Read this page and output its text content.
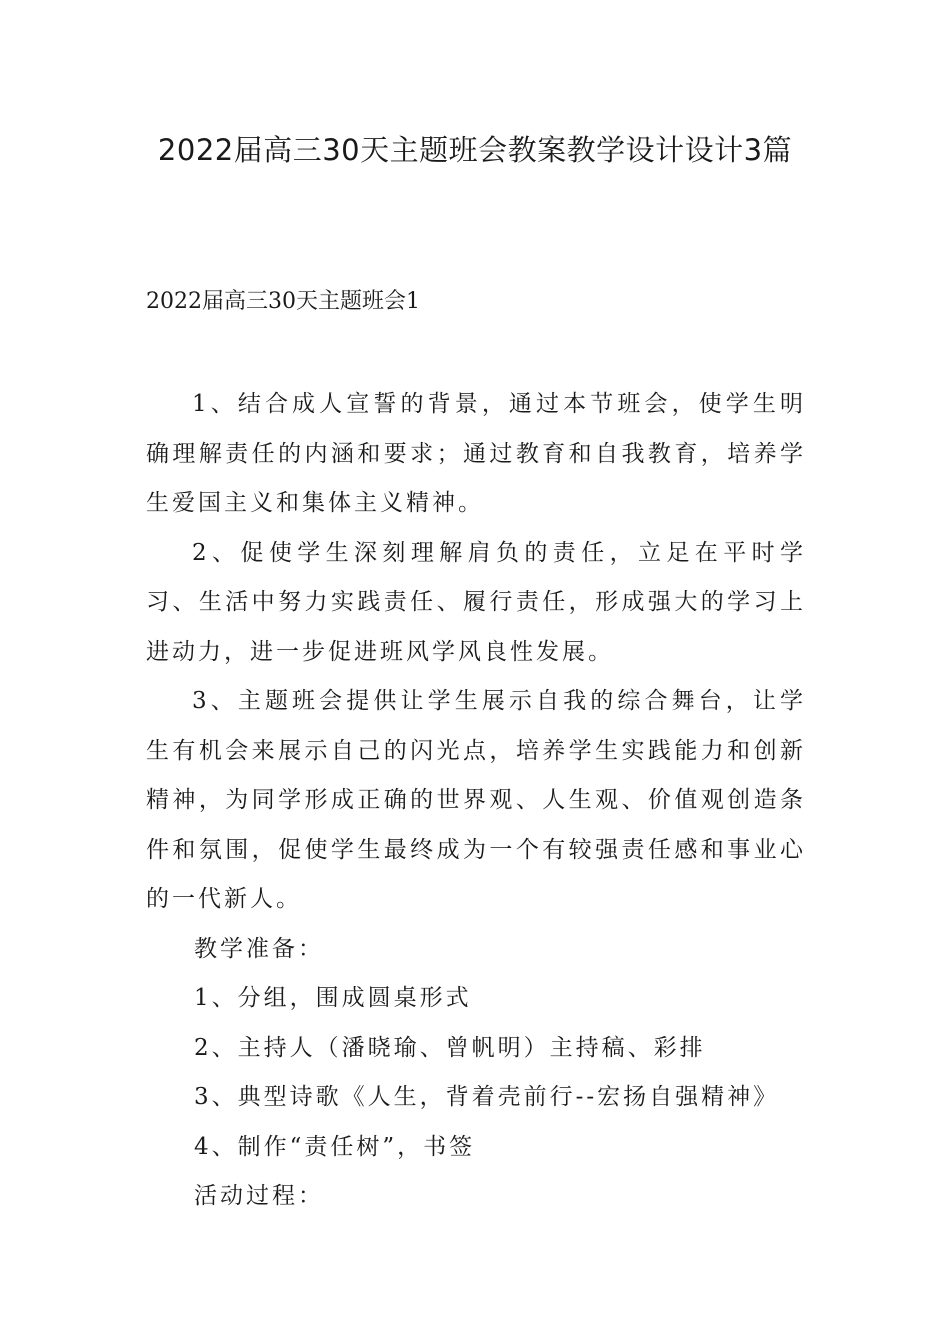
2022届高三30天主题班会教案教学设计设计3篇
2022届高三30天主题班会1

1、结合成人宣誓的背景，通过本节班会，使学生明确理解责任的内涵和要求；通过教育和自我教育，培养学生爱国主义和集体主义精神。

2、促使学生深刻理解肩负的责任，立足在平时学习、生活中努力实践责任、履行责任，形成强大的学习上进动力，进一步促进班风学风良性发展。

3、主题班会提供让学生展示自我的综合舞台，让学生有机会来展示自己的闪光点，培养学生实践能力和创新精神，为同学形成正确的世界观、人生观、价值观创造条件和氛围，促使学生最终成为一个有较强责任感和事业心的一代新人。

教学准备：

1、分组，围成圆桌形式

2、主持人（潘晓瑜、曾帆明）主持稿、彩排

3、典型诗歌《人生，背着壳前行--宏扬自强精神》

4、制作“责任树”，书签

活动过程：
